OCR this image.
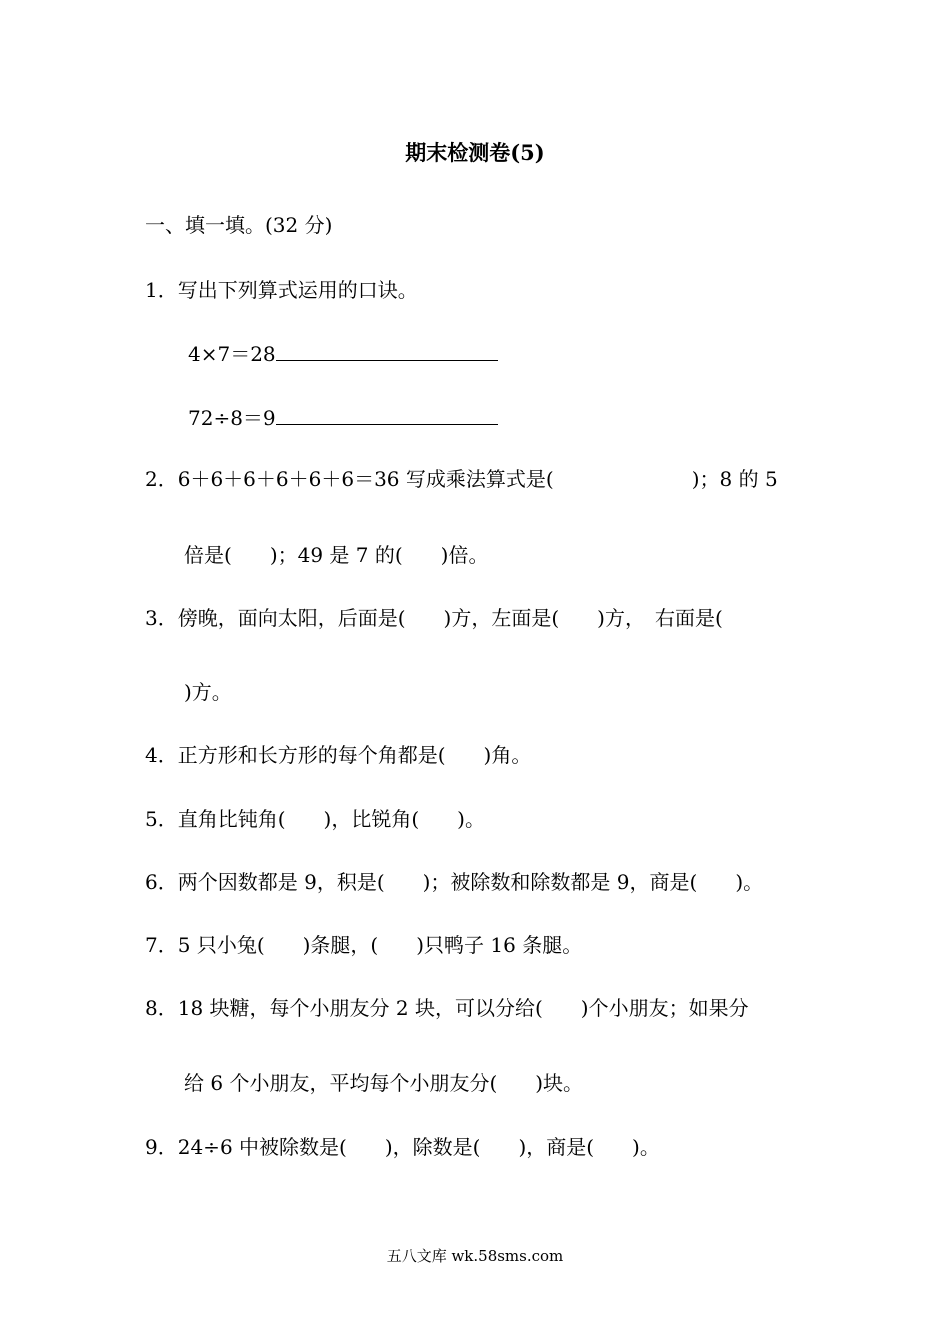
期末检测卷(5)
一、填一填。(32 分)
1．写出下列算式运用的口诀。
4×7＝28
72÷8＝9
2．6＋6＋6＋6＋6＋6＝36 写成乘法算式是(	)；8 的 5
倍是( )；49 是 7 的( )倍。
3．傍晚，面向太阳，后面是( )方，左面是( )方，　右面是(
)方。
4．正方形和长方形的每个角都是( )角。
5．直角比钝角( )，比锐角( )。
6．两个因数都是 9，积是( )；被除数和除数都是 9，商是( )。
7．5 只小兔( )条腿，( )只鸭子 16 条腿。
8．18 块糖，每个小朋友分 2 块，可以分给( )个小朋友；如果分
给 6 个小朋友，平均每个小朋友分( )块。
9．24÷6 中被除数是( )，除数是( )，商是( )。
五八文库 wk.58sms.com
